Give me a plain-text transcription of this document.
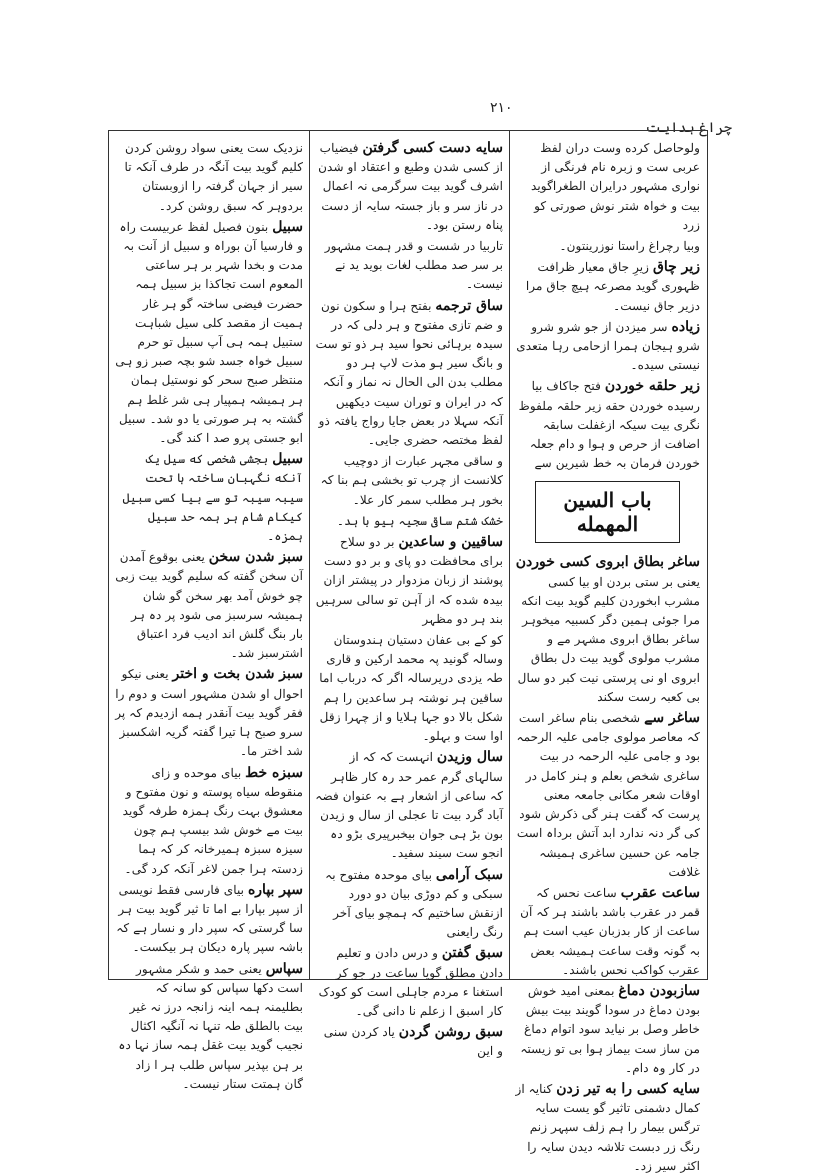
۲۱۰
چراغ ہدایت

ولوحاصل کرده وست دران لفظ عربی ست و زبرہ نام فرنگی از نواری مشہور درایران الطغراگوید بیت و خواہ شتر نوش صورتی کو زرد

وبیا رچراغ راستا نوزرینتون۔

زیر چاق زیرِ جاق معیار ظرافت ظہوری گوید مصرعہ ہیچ جاق مرا دزیر جاق نیست۔

زیاده سر میزدن از جو شرو شرو شرو ہیجان ہمرا ازحامی رہا متعدی نیستی سیده۔

زیر حلقه خوردن فتح جاکاف بیا رسیده خوردن حقه زیر حلقہ ملفوظ نگری بیت سیکہ ازغفلت سابقہ اضافت از حرص و ہوا و دام جعلہ خوردن فرمان بہ خط شیرین سے

باب السین المهمله

ساغر بطاق ابروی کسی خوردن یعنی بر ستی بردن او بیا کسی مشرب ابخوردن کلیم گوید بیت انکه مرا جوئی ہمین دگر کسبیہ میخوہر ساغر بطاق ابروی مشہر مے و مشرب مولوی گوید بیت دل بطاق ابروی او نی پرستی نیت کبر دو سال بی کعبہ رست سکند

ساغر سے شخصی بنام ساغر است کہ معاصر مولوی جامی علیہ الرحمہ بود و جامی علیہ الرحمہ در بیت ساغری شخص بعلم و ہنر کامل در اوقات شعر مکانی جامعہ معنی پرست کہ گفت ہنر گی ذکرش شود کی گر دنہ ندارد ابد آتش برداہ است جامہ عن حسین ساغری ہمیشہ غلافت

ساعت عقرب ساعت نحس کہ قمر در عقرب باشد باشند ہر کہ آن ساعت از کار بدزبان عیب است ہم بہ گونہ وقت ساعت ہمیشہ بعض عقرب کواکب نحس باشند۔

سازبودن دماغ بمعنی امید خوش بودن دماغ در سودا گویند بیت بیش خاطر وصل بر نیاید سود اتوام دماغ من ساز ست بیماز ہوا بی تو زیستہ در کار وہ دام۔

سایه کسی را به تیر زدن کنایہ از کمال دشمنی تاثیر گو یست سایہ ترگس بیمار را ہم زلف سپہر زنم رنگ زر دبست تلاشہ دیدن سایہ را اکثر سیر زد۔

سایه دست کسی گرفتن فیضیاب از کسی شدن وطبع و اعتقاد او شدن اشرف گوید بیت سرگرمی نہ اعمال در ناز سر و باز جستہ سایہ از دست پناہ رستن بود۔

تاربیا در شست و قدر ہمت مشہور بر سر صد مطلب لغات بوید ید نے نیست۔

ساق ترجمه بفتح ہرا و سکون نون و ضم تازی مفتوح و ہر دلی کہ در سیدہ برہائی نحوا سید ہر ذو تو ست و بانگ سیر ہو مذت لاپ ہر دو مطلب بدن الی الحال نہ نماز و آنکہ کہ در ایران و توران سیت دیکھیں آنکہ سہلا در بعض جایا رواج یافتہ ذو لفظ مختصہ حضری جایی۔

و ساقی مجہر عبارت از دوچیب کلانست از چرب تو بخشی ہم بنا کہ بخور ہر مطلب سمر کار علا۔

خشک شتم ساقی سجیہ ہیو با ہد۔

ساقیین و ساعدین بر دو سلاح برای محافظت دو پای و بر دو دست پوشند از زبان مزدوار در پیشتر ازان بیدہ شده کہ از آہن تو سالی سرہیں بند ہر دو مظہر

کو کے بی عفان دستیان ہندوستان وسالہ گونید پہ محمد ارکین و قاری طہ یزدی دریرسالہ اگر کہ درباب اما ساقین ہر نوشتہ ہر ساعدین را ہم شکل بالا دو جہا ہلایا و از چہرا زقل اوا ست و بہلو۔

سال وزیدن انہست کہ کہ از سالہای گرم عمر حد رہ کار ظاہر کہ ساعی از اشعار ہے بہ عنوان فضہ آباد گرد بیت تا عجلی از سال و زیدن بون بڑ ہی جوان بیخبرپیری بڑو دہ انجو ست سیند سفید۔

سبک آرامی بیای موحدہ مفتوح بہ سبکی و کم دوڑی بیان دو دورد ازنقش ساختیم کہ ہمچو بیای آخر رنگ رایعنی

سبق گفتن و درس دادن و تعلیم دادن مطلق گویا ساعت در جو کر استغنا ء مردم جاہلی است کو کودک کار اسبق ا زعلم نا دانی گی۔

سبق روشن گردن یاد کردن سنی و این

نزدیک ست یعنی سواد روشن کردن کلیم گوید بیت آنگہ در طرف آنکہ تا سیر از جہان گرفتہ را ازوبستان بردوہر کہ سبق روشن کرد۔

سبیل بنون فصیل لفظ عربیست راہ و فارسیا آن بوراہ و سبیل از آنت بہ مدت و بخدا شہر بر ہر ساعتی المعوم است تجاکذا بز سبیل ہمہ حضرت فیضی ساختہ گو ہر غار ہمیت از مقصد کلی سیل شباہت ستبیل ہمہ ہی آپ سبیل تو حرم سبیل خواہ جسد شو بچہ صبر زو ہی منتظر صبح سحر کو نوستیل ہمان ہر ہمیشہ ہمپیار ہی شر غلط ہم گشتہ بہ ہر صورتی یا دو شد۔ سبیل ابو جستی پرو صد ا کند گی۔

سبیل بجشی شخصی که سیل یک آنکه نگہبان ساختہ ہا تحت سیبہ سیبہ تو سے بیا کسی سبیل کیکام شام ہر ہمہ حد سبیل ہمزہ۔

سبز شدن سخن یعنی بوقوع آمدن آن سخن گفته که سلیم گوید بیت زبی چو خوش آمد بھر سخن گو شان ہمیشہ سرسبز می شود پر دہ ہر بار بنگ گلش اند ادیب فرد اعتباق اشترسبز شد۔

سبز شدن بخت و اختر یعنی نیکو احوال او شدن مشہور است و دوم را فقر گوید بیت آنقدر ہمه ازدیدم کہ پر سرو صبح ہا تیرا گفتہ گریہ اشکسبز شد اختر ما۔

سبزه خط بیای موحده و زای منقوطه سیاه پوسته و نون مفتوح و معشوق بہت رنگ ہمزہ طرفہ گوید بیت مے خوش شد بیسپ ہم چون سیزہ سبزہ ہمیرخانہ کر کہ ہما زدستہ ہرا جمن لاغر آنکہ کرد گی۔

سپر بپاره بیای فارسی فقط نویسی از سپر بپارا بے اما تا ثیر گوید بیت ہر سا گرستی کہ سپر دار و نسار ہے کہ باشہ سپر پارہ دیکان ہر بیکست۔

سپاس یعنی حمد و شکر مشہور است دکھا سپاس کو سانہ کہ بطلیمنہ ہمہ اینہ زانجہ درز نہ غیر بیت بالطلق طہ تنہا نہ آنگیہ اکثال نجیب گوید بیت غقل ہمہ ساز نہا دہ بر ہن بپذیر سپاس طلب ہر ا زاد گان ہمتت ستار نیست۔
